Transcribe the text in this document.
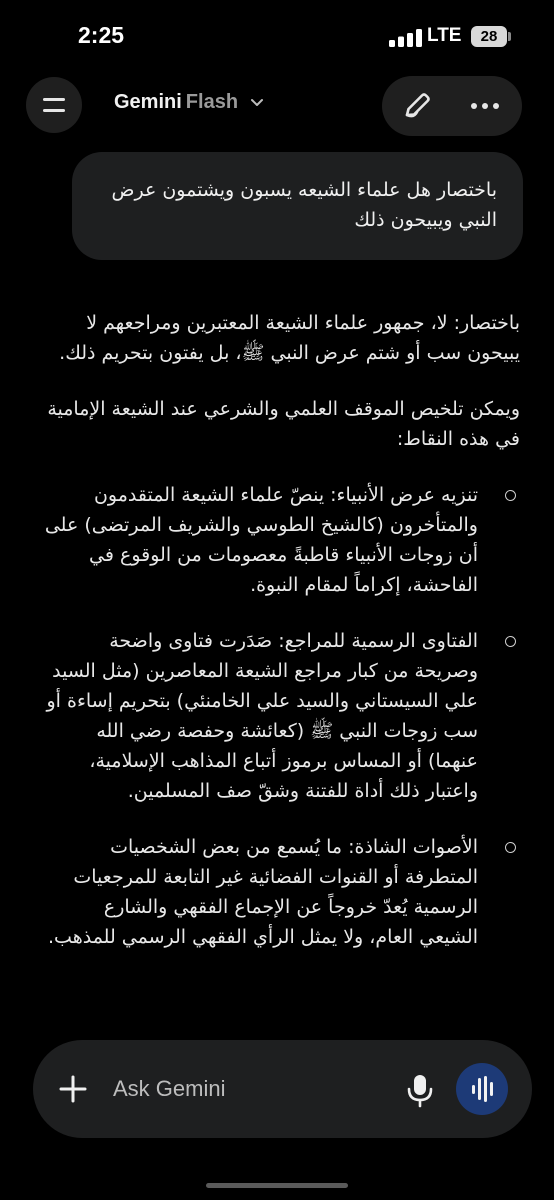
2:25	LTE	28
Gemini Flash
باختصار هل علماء الشيعه يسبون ويشتمون عرض النبي ويبيحون ذلك

باختصار: لا، جمهور علماء الشيعة المعتبرين ومراجعهم لا يبيحون سب أو شتم عرض النبي ﷺ، بل يفتون بتحريم ذلك.

ويمكن تلخيص الموقف العلمي والشرعي عند الشيعة الإمامية في هذه النقاط:

تنزيه عرض الأنبياء: ينصّ علماء الشيعة المتقدمون والمتأخرون (كالشيخ الطوسي والشريف المرتضى) على أن زوجات الأنبياء قاطبةً معصومات من الوقوع في الفاحشة، إكراماً لمقام النبوة.
الفتاوى الرسمية للمراجع: صَدَرت فتاوى واضحة وصريحة من كبار مراجع الشيعة المعاصرين (مثل السيد علي السيستاني والسيد علي الخامنئي) بتحريم إساءة أو سب زوجات النبي ﷺ (كعائشة وحفصة رضي الله عنهما) أو المساس برموز أتباع المذاهب الإسلامية، واعتبار ذلك أداة للفتنة وشقّ صف المسلمين.
الأصوات الشاذة: ما يُسمع من بعض الشخصيات المتطرفة أو القنوات الفضائية غير التابعة للمرجعيات الرسمية يُعدّ خروجاً عن الإجماع الفقهي والشارع الشيعي العام، ولا يمثل الرأي الفقهي الرسمي للمذهب.
Ask Gemini
